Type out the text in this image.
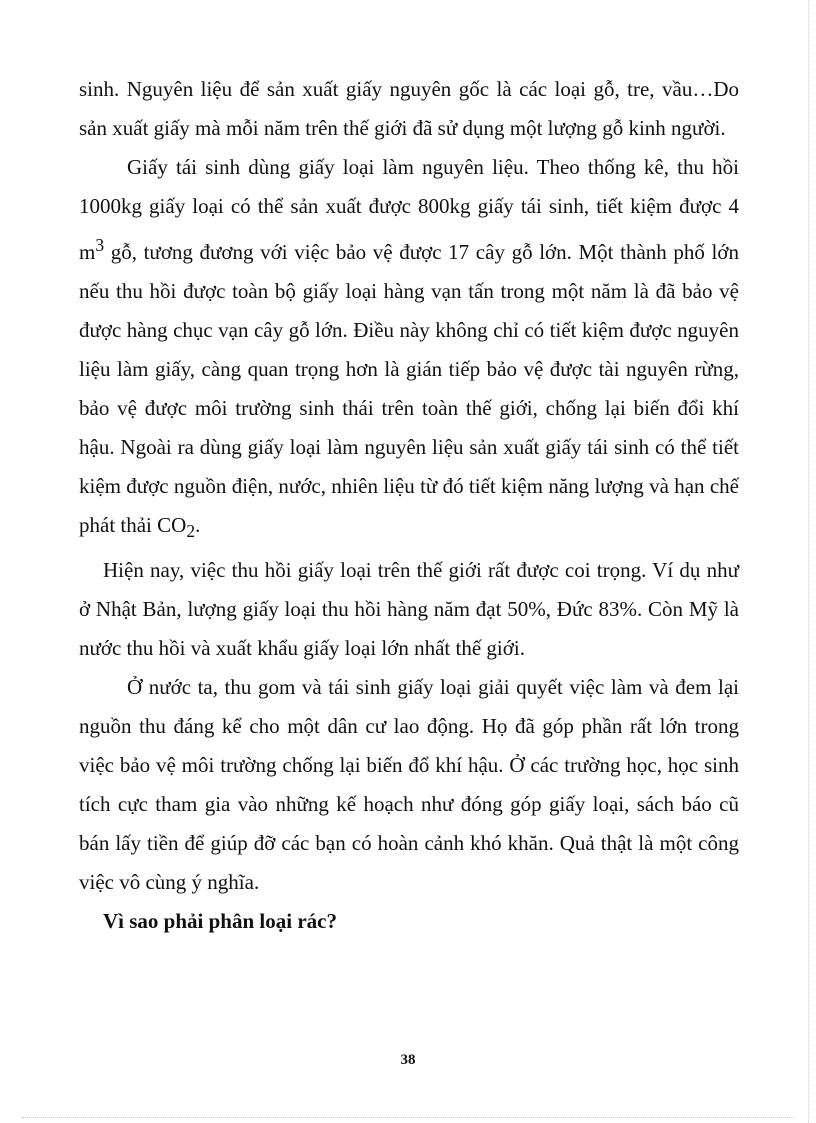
sinh. Nguyên liệu để sản xuất giấy nguyên gốc là các loại gỗ, tre, vầu…Do sản xuất giấy mà mỗi năm trên thế giới đã sử dụng một lượng gỗ kinh người.

Giấy tái sinh dùng giấy loại làm nguyên liệu. Theo thống kê, thu hồi 1000kg giấy loại có thể sản xuất được 800kg giấy tái sinh, tiết kiệm được 4 $m^3$ gỗ, tương đương với việc bảo vệ được 17 cây gỗ lớn. Một thành phố lớn nếu thu hồi được toàn bộ giấy loại hàng vạn tấn trong một năm là đã bảo vệ được hàng chục vạn cây gỗ lớn. Điều này không chỉ có tiết kiệm được nguyên liệu làm giấy, càng quan trọng hơn là gián tiếp bảo vệ được tài nguyên rừng, bảo vệ được môi trường sinh thái trên toàn thế giới, chống lại biến đổi khí hậu. Ngoài ra dùng giấy loại làm nguyên liệu sản xuất giấy tái sinh có thể tiết kiệm được nguồn điện, nước, nhiên liệu từ đó tiết kiệm năng lượng và hạn chế phát thải $CO_2$.

Hiện nay, việc thu hồi giấy loại trên thế giới rất được coi trọng. Ví dụ như ở Nhật Bản, lượng giấy loại thu hồi hàng năm đạt 50%, Đức 83%. Còn Mỹ là nước thu hồi và xuất khẩu giấy loại lớn nhất thế giới.

Ở nước ta, thu gom và tái sinh giấy loại giải quyết việc làm và đem lại nguồn thu đáng kể cho một dân cư lao động. Họ đã góp phần rất lớn trong việc bảo vệ môi trường chống lại biến đổ khí hậu. Ở các trường học, học sinh tích cực tham gia vào những kế hoạch như đóng góp giấy loại, sách báo cũ bán lấy tiền để giúp đỡ các bạn có hoàn cảnh khó khăn. Quả thật là một công việc vô cùng ý nghĩa.

Vì sao phải phân loại rác?

38
